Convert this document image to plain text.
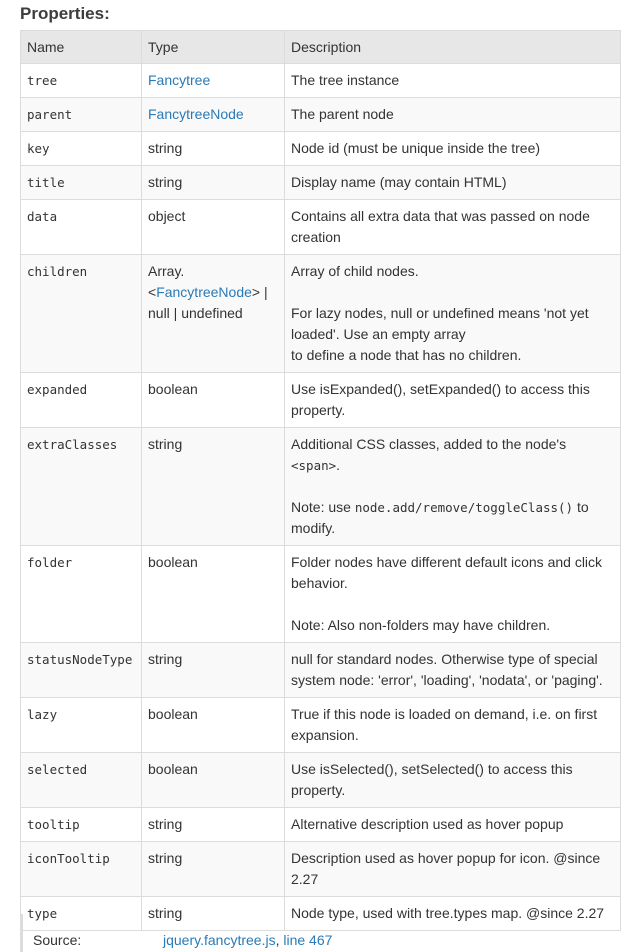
Properties:
Name	Type	Description
tree	Fancytree	The tree instance
parent	FancytreeNode	The parent node
key	string	Node id (must be unique inside the tree)
title	string	Display name (may contain HTML)
data	object	Contains all extra data that was passed on node creation
children	Array.
<FancytreeNode> |
null | undefined	Array of child nodes.
For lazy nodes, null or undefined means 'not yet loaded'. Use an empty array
to define a node that has no children.

expanded	boolean	Use isExpanded(), setExpanded() to access this property.
extraClasses	string	Additional CSS classes, added to the node's
<span>.
Note: use node.add/remove/toggleClass() to modify.

folder	boolean	Folder nodes have different default icons and click behavior.
Note: Also non-folders may have children.

statusNodeType	string	null for standard nodes. Otherwise type of special system node: 'error', 'loading', 'nodata', or 'paging'.
lazy	boolean	True if this node is loaded on demand, i.e. on first expansion.
selected	boolean	Use isSelected(), setSelected() to access this property.
tooltip	string	Alternative description used as hover popup
iconTooltip	string	Description used as hover popup for icon. @since 2.27
type	string	Node type, used with tree.types map. @since 2.27
Source:	jquery.fancytree.js, line 467
